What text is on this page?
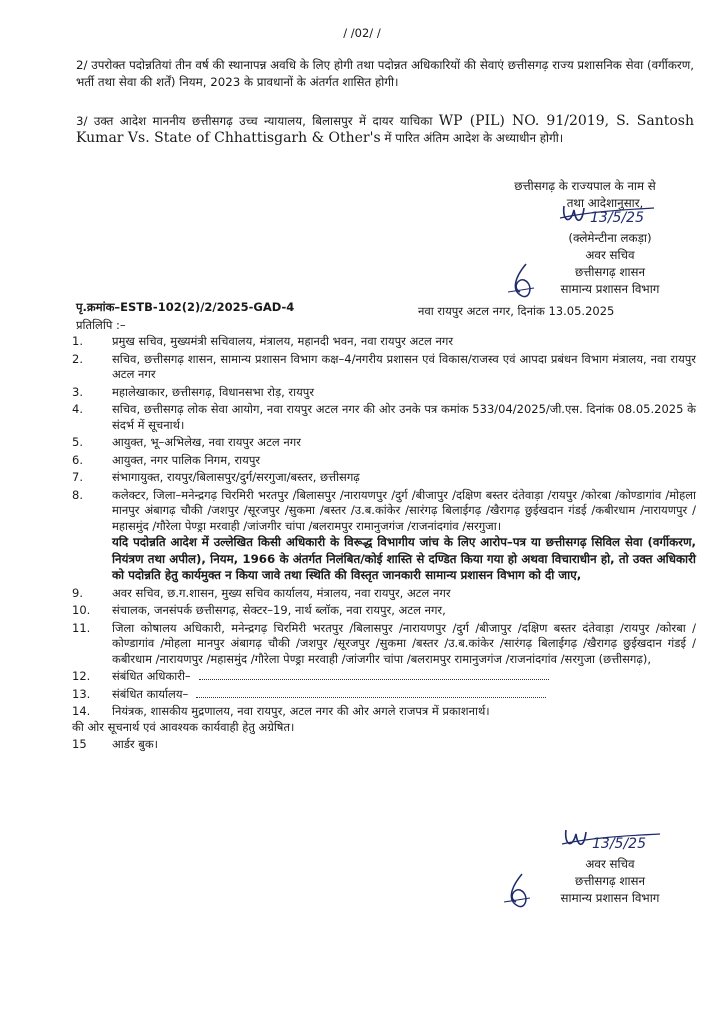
/ /02/ /
2/ उपरोक्त पदोन्नतियां तीन वर्ष की स्थानापन्न अवधि के लिए होगी तथा पदोन्नत अधिकारियों की सेवाएं छत्तीसगढ़ राज्य प्रशासनिक सेवा (वर्गीकरण, भर्ती तथा सेवा की शर्तें) नियम, 2023 के प्रावधानों के अंतर्गत शासित होगी।
3/ उक्त आदेश माननीय छत्तीसगढ़ उच्च न्यायालय, बिलासपुर में दायर याचिका WP (PIL) NO. 91/2019, S. Santosh Kumar Vs. State of Chhattisgarh & Other's में पारित अंतिम आदेश के अध्याधीन होगी।
छत्तीसगढ़ के राज्यपाल के नाम से
तथा आदेशानुसार,
(क्लेमेन्टीना लकड़ा)
अवर सचिव
छत्तीसगढ़ शासन
सामान्य प्रशासन विभाग
13/5/25
पृ.क्रमांक–ESTB-102(2)/2/2025-GAD-4	नवा रायपुर अटल नगर, दिनांक 13.05.2025
प्रतिलिपि :–
1.	प्रमुख सचिव, मुख्यमंत्री सचिवालय, मंत्रालय, महानदी भवन, नवा रायपुर अटल नगर
2.	सचिव, छत्तीसगढ़ शासन, सामान्य प्रशासन विभाग कक्ष–4/नगरीय प्रशासन एवं विकास/राजस्व एवं आपदा प्रबंधन विभाग मंत्रालय, नवा रायपुर अटल नगर
3.	महालेखाकार, छत्तीसगढ़, विधानसभा रोड़, रायपुर
4.	सचिव, छत्तीसगढ़ लोक सेवा आयोग, नवा रायपुर अटल नगर की ओर उनके पत्र कमांक 533/04/2025/जी.एस. दिनांक 08.05.2025 के संदर्भ में सूचनार्थ।
5.	आयुक्त, भू–अभिलेख, नवा रायपुर अटल नगर
6.	आयुक्त, नगर पालिक निगम, रायपुर
7.	संभागायुक्त, रायपुर/बिलासपुर/दुर्ग/सरगुजा/बस्तर, छत्तीसगढ़
8.	कलेक्टर, जिला–मनेन्द्रगढ़ चिरमिरी भरतपुर /बिलासपुर /नारायणपुर /दुर्ग /बीजापुर /दक्षिण बस्तर दंतेवाड़ा /रायपुर /कोरबा /कोण्डागांव /मोहला मानपुर अंबागढ़ चौकी /जशपुर /सूरजपुर /सुकमा /बस्तर /उ.ब.कांकेर /सारंगढ़ बिलाईगढ़ /खैरागढ़ छुईखदान गंडई /कबीरधाम /नारायणपुर /महासमुंद /गौरेला पेण्ड्रा मरवाही /जांजगीर चांपा /बलरामपुर रामानुजगंज /राजनांदगांव /सरगुजा।
यदि पदोन्नति आदेश में उल्लेखित किसी अधिकारी के विरूद्ध विभागीय जांच के लिए आरोप–पत्र या छत्तीसगढ़ सिविल सेवा (वर्गीकरण, नियंत्रण तथा अपील), नियम, 1966 के अंतर्गत निलंबित/कोई शास्ति से दण्डित किया गया हो अथवा विचाराधीन हो, तो उक्त अधिकारी को पदोन्नति हेतु कार्यमुक्त न किया जावे तथा स्थिति की विस्तृत जानकारी सामान्य प्रशासन विभाग को दी जाए,
9.	अवर सचिव, छ.ग.शासन, मुख्य सचिव कार्यालय, मंत्रालय, नवा रायपुर, अटल नगर
10.	संचालक, जनसंपर्क छत्तीसगढ़, सेक्टर–19, नार्थ ब्लॉक, नवा रायपुर, अटल नगर,
11.	जिला कोषालय अधिकारी, मनेन्द्रगढ़ चिरमिरी भरतपुर /बिलासपुर /नारायणपुर /दुर्ग /बीजापुर /दक्षिण बस्तर दंतेवाड़ा /रायपुर /कोरबा /कोण्डागांव /मोहला मानपुर अंबागढ़ चौकी /जशपुर /सूरजपुर /सुकमा /बस्तर /उ.ब.कांकेर /सारंगढ़ बिलाईगढ़ /खैरागढ़ छुईखदान गंडई /कबीरधाम /नारायणपुर /महासमुंद /गौरेला पेण्ड्रा मरवाही /जांजगीर चांपा /बलरामपुर रामानुजगंज /राजनांदगांव /सरगुजा (छत्तीसगढ़),
12.	संबंधित अधिकारी–
13.	संबंधित कार्यालय–
14.	नियंत्रक, शासकीय मुद्रणालय, नवा रायपुर, अटल नगर की ओर अगले राजपत्र में प्रकाशनार्थ।
की ओर सूचनार्थ एवं आवश्यक कार्यवाही हेतु अग्रेषित।
15	आर्डर बुक।
13/5/25
अवर सचिव
छत्तीसगढ़ शासन
सामान्य प्रशासन विभाग
